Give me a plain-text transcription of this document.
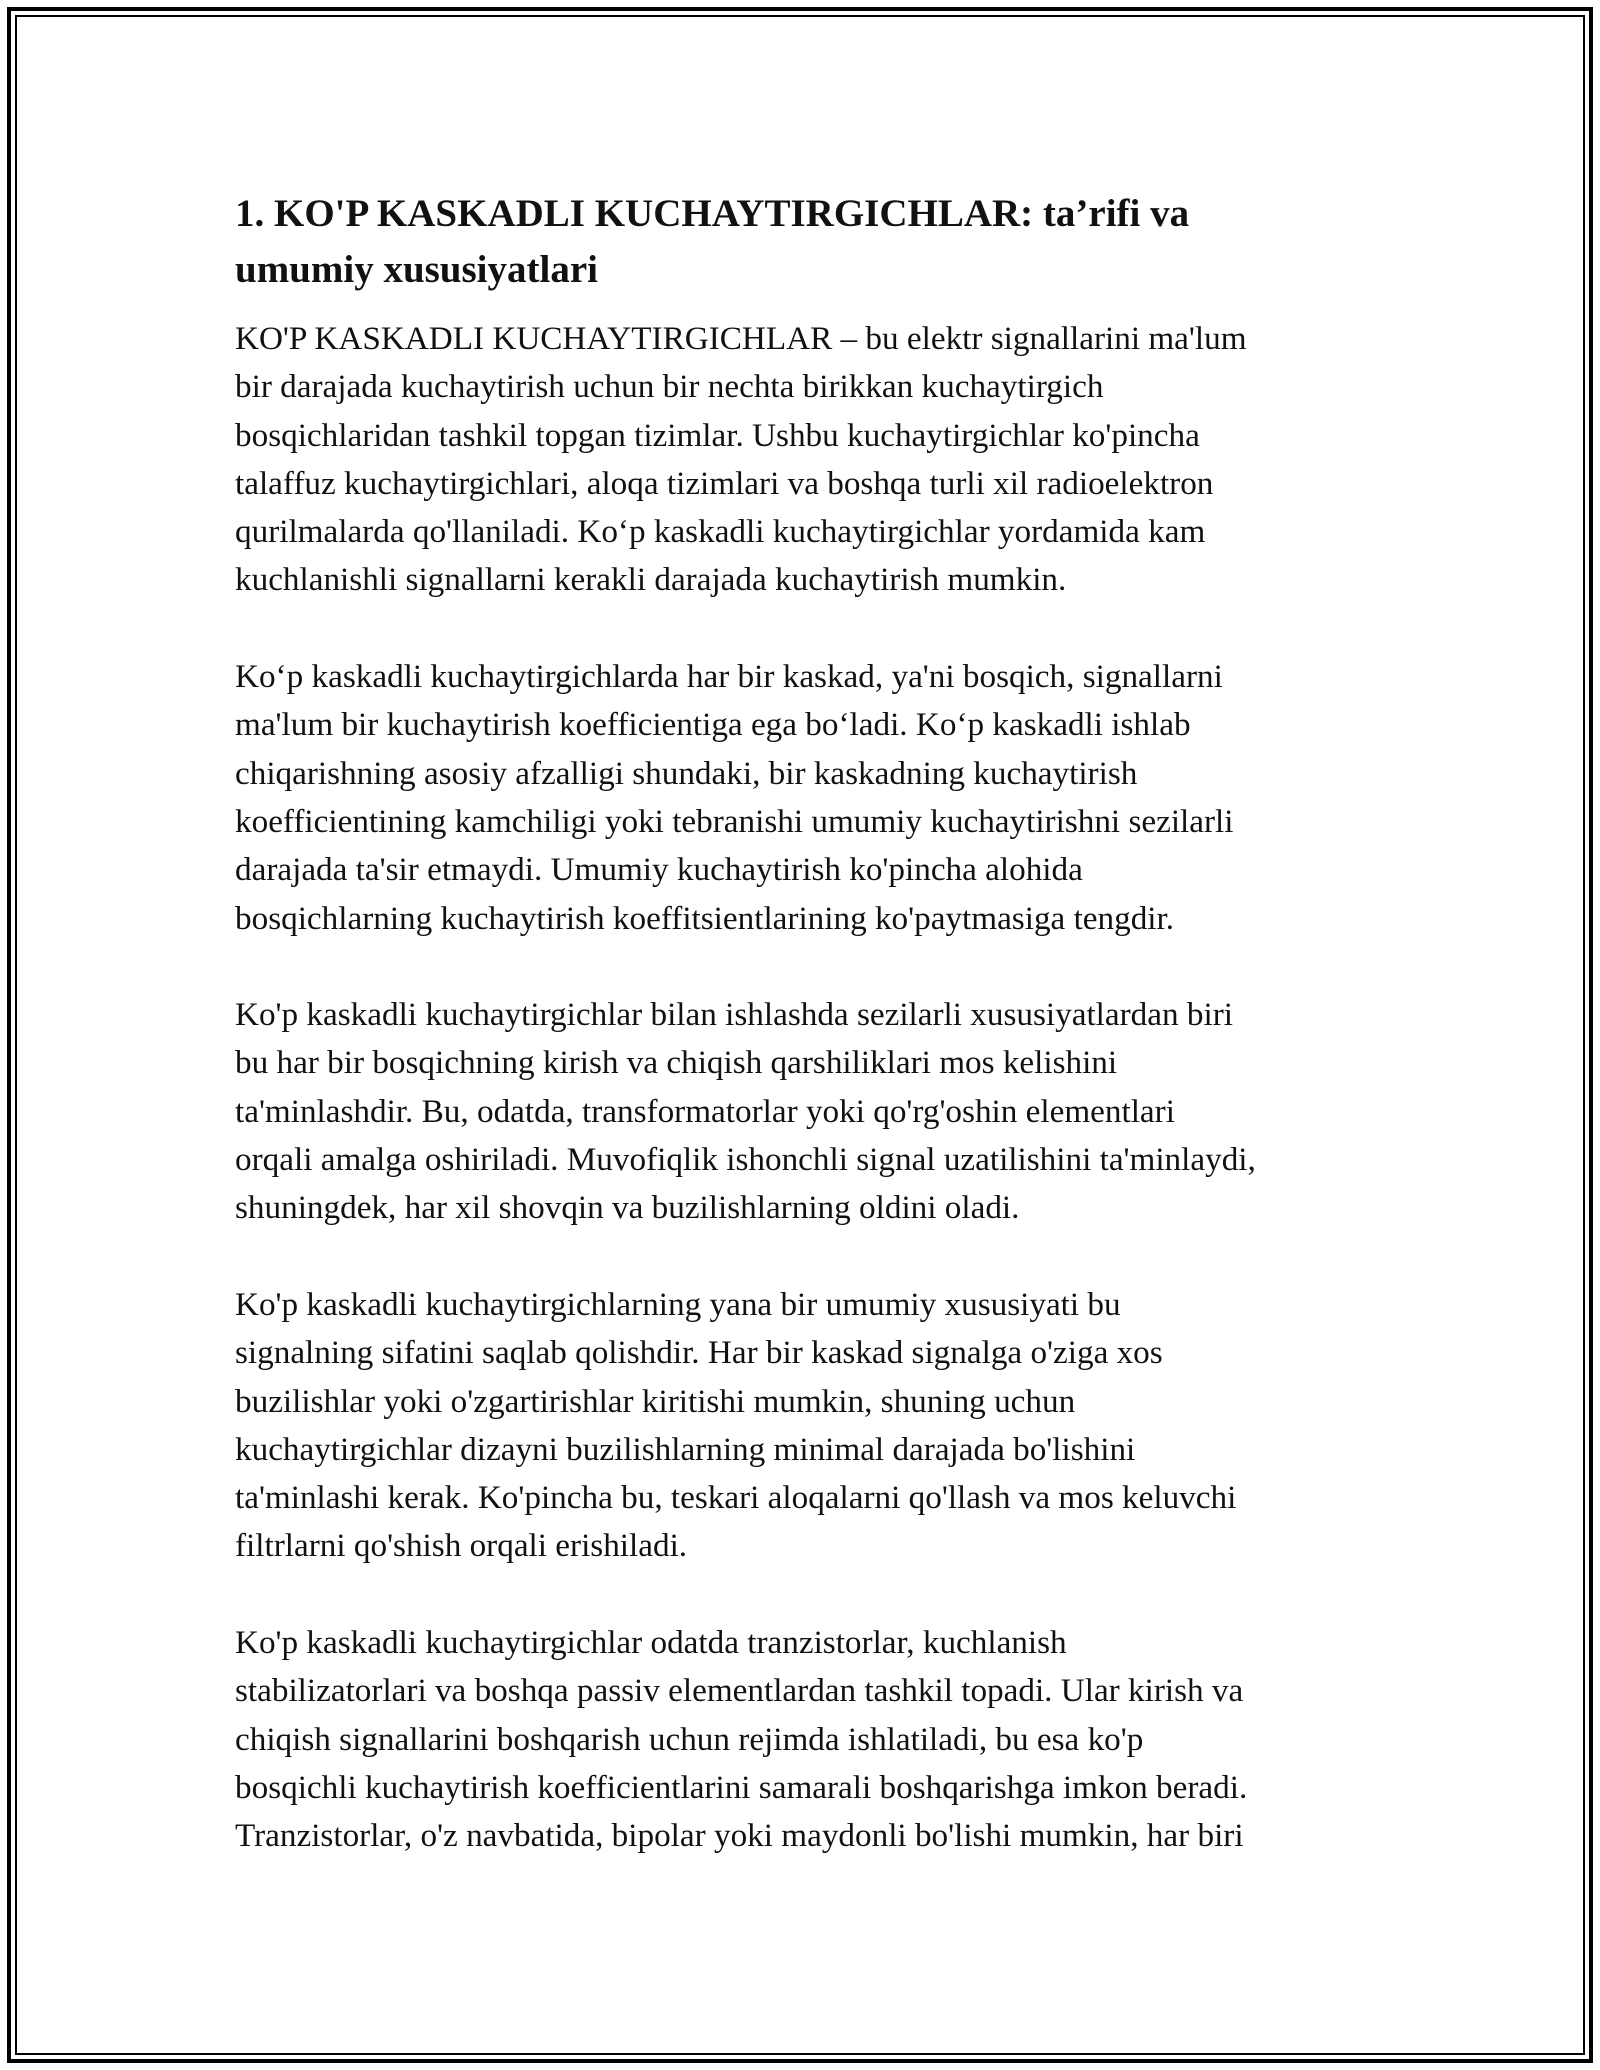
1. KO'P KASKADLI KUCHAYTIRGICHLAR: ta’rifi va
umumiy xususiyatlari

KO'P KASKADLI KUCHAYTIRGICHLAR – bu elektr signallarini ma'lum
bir darajada kuchaytirish uchun bir nechta birikkan kuchaytirgich
bosqichlaridan tashkil topgan tizimlar. Ushbu kuchaytirgichlar ko'pincha
talaffuz kuchaytirgichlari, aloqa tizimlari va boshqa turli xil radioelektron
qurilmalarda qo'llaniladi. Koʻp kaskadli kuchaytirgichlar yordamida kam
kuchlanishli signallarni kerakli darajada kuchaytirish mumkin.

Koʻp kaskadli kuchaytirgichlarda har bir kaskad, ya'ni bosqich, signallarni
ma'lum bir kuchaytirish koefficientiga ega boʻladi. Koʻp kaskadli ishlab
chiqarishning asosiy afzalligi shundaki, bir kaskadning kuchaytirish
koefficientining kamchiligi yoki tebranishi umumiy kuchaytirishni sezilarli
darajada ta'sir etmaydi. Umumiy kuchaytirish ko'pincha alohida
bosqichlarning kuchaytirish koeffitsientlarining ko'paytmasiga tengdir.

Ko'p kaskadli kuchaytirgichlar bilan ishlashda sezilarli xususiyatlardan biri
bu har bir bosqichning kirish va chiqish qarshiliklari mos kelishini
ta'minlashdir. Bu, odatda, transformatorlar yoki qo'rg'oshin elementlari
orqali amalga oshiriladi. Muvofiqlik ishonchli signal uzatilishini ta'minlaydi,
shuningdek, har xil shovqin va buzilishlarning oldini oladi.

Ko'p kaskadli kuchaytirgichlarning yana bir umumiy xususiyati bu
signalning sifatini saqlab qolishdir. Har bir kaskad signalga o'ziga xos
buzilishlar yoki o'zgartirishlar kiritishi mumkin, shuning uchun
kuchaytirgichlar dizayni buzilishlarning minimal darajada bo'lishini
ta'minlashi kerak. Ko'pincha bu, teskari aloqalarni qo'llash va mos keluvchi
filtrlarni qo'shish orqali erishiladi.

Ko'p kaskadli kuchaytirgichlar odatda tranzistorlar, kuchlanish
stabilizatorlari va boshqa passiv elementlardan tashkil topadi. Ular kirish va
chiqish signallarini boshqarish uchun rejimda ishlatiladi, bu esa ko'p
bosqichli kuchaytirish koefficientlarini samarali boshqarishga imkon beradi.
Tranzistorlar, o'z navbatida, bipolar yoki maydonli bo'lishi mumkin, har biri
